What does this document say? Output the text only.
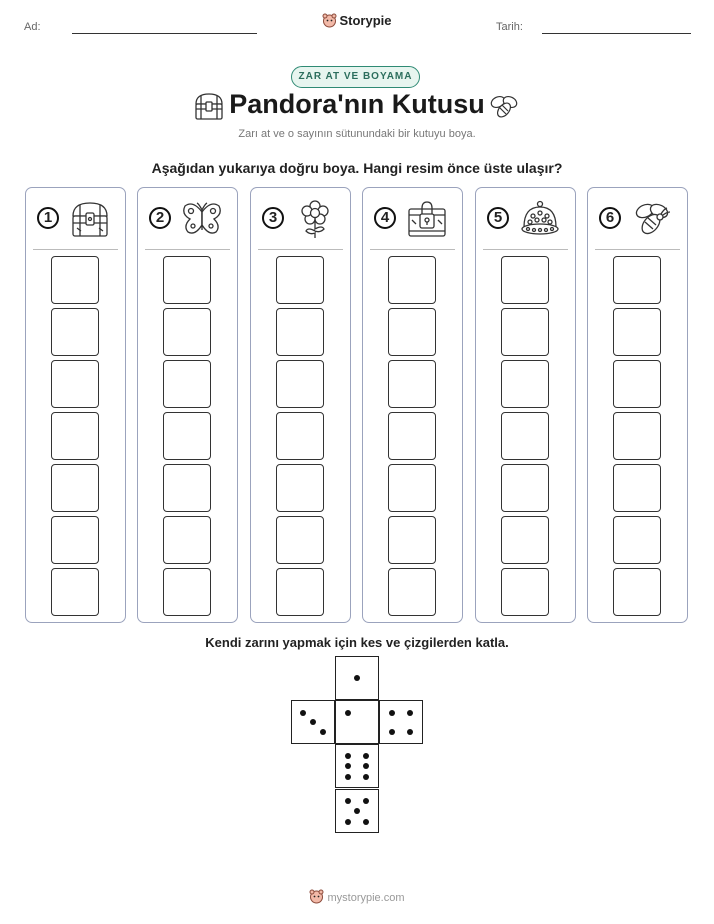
Ad:	Storypie	Tarih:
ZAR AT VE BOYAMA
Pandora'nın Kutusu
Zarı at ve o sayının sütunundaki bir kutuyu boya.
Aşağıdan yukarıya doğru boya. Hangi resim önce üste ulaşır?
1	2	3	4	5	6
Kendi zarını yapmak için kes ve çizgilerden katla.
mystorypie.com
